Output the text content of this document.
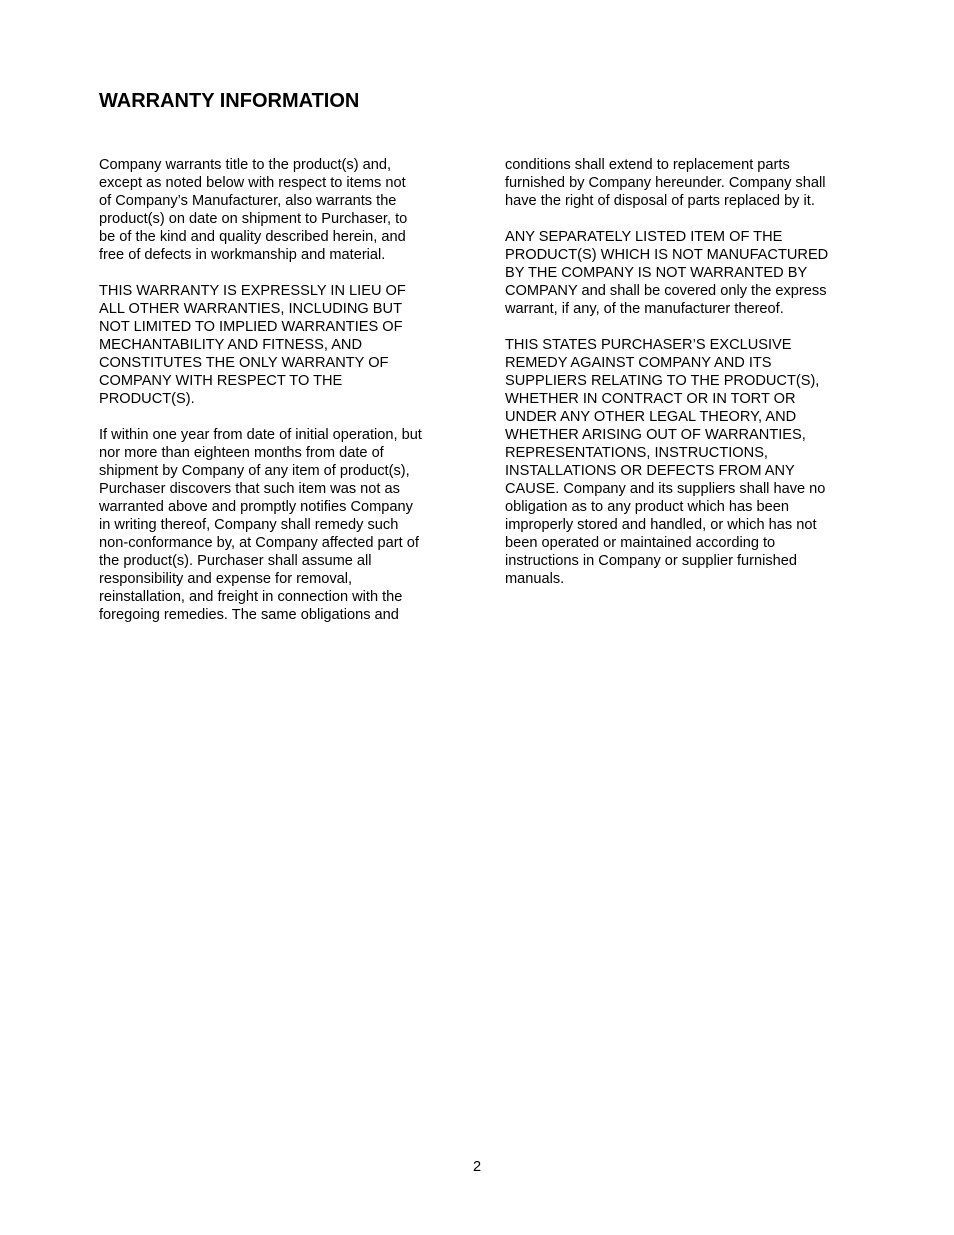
WARRANTY INFORMATION

Company warrants title to the product(s) and,
except as noted below with respect to items not
of Company’s Manufacturer, also warrants the
product(s) on date on shipment to Purchaser, to
be of the kind and quality described herein, and
free of defects in workmanship and material.

THIS WARRANTY IS EXPRESSLY IN LIEU OF
ALL OTHER WARRANTIES, INCLUDING BUT
NOT LIMITED TO IMPLIED WARRANTIES OF
MECHANTABILITY AND FITNESS, AND
CONSTITUTES THE ONLY WARRANTY OF
COMPANY WITH RESPECT TO THE
PRODUCT(S).

If within one year from date of initial operation, but
nor more than eighteen months from date of
shipment by Company of any item of product(s),
Purchaser discovers that such item was not as
warranted above and promptly notifies Company
in writing thereof, Company shall remedy such
non-conformance by, at Company affected part of
the product(s). Purchaser shall assume all
responsibility and expense for removal,
reinstallation, and freight in connection with the
foregoing remedies. The same obligations and

conditions shall extend to replacement parts
furnished by Company hereunder. Company shall
have the right of disposal of parts replaced by it.

ANY SEPARATELY LISTED ITEM OF THE
PRODUCT(S) WHICH IS NOT MANUFACTURED
BY THE COMPANY IS NOT WARRANTED BY
COMPANY and shall be covered only the express
warrant, if any, of the manufacturer thereof.

THIS STATES PURCHASER’S EXCLUSIVE
REMEDY AGAINST COMPANY AND ITS
SUPPLIERS RELATING TO THE PRODUCT(S),
WHETHER IN CONTRACT OR IN TORT OR
UNDER ANY OTHER LEGAL THEORY, AND
WHETHER ARISING OUT OF WARRANTIES,
REPRESENTATIONS, INSTRUCTIONS,
INSTALLATIONS OR DEFECTS FROM ANY
CAUSE. Company and its suppliers shall have no
obligation as to any product which has been
improperly stored and handled, or which has not
been operated or maintained according to
instructions in Company or supplier furnished
manuals.

2
